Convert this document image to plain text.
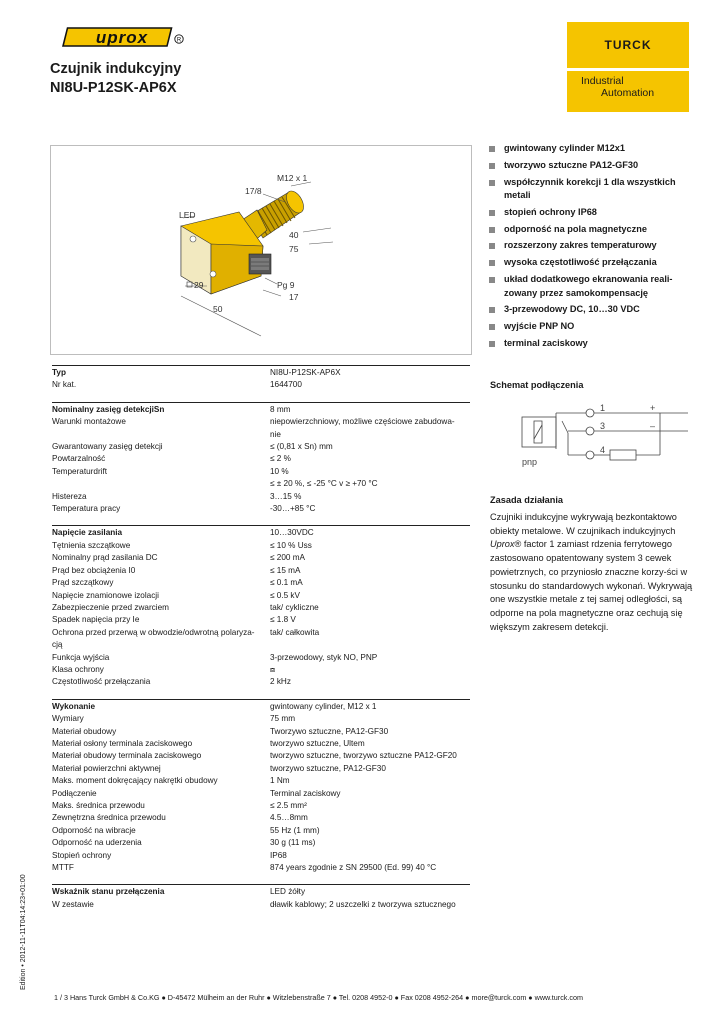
uprox	R
Czujnik indukcyjny
NI8U-P12SK-AP6X
TURCK
Industrial
Automation
M12 x 1
17/8
LED
40
75
29	Pg 9
17
50
gwintowany cylinder M12x1
tworzywo sztuczne PA12-GF30
współczynnik korekcji 1 dla wszystkich metali
stopień ochrony IP68
odporność na pola magnetyczne
rozszerzony zakres temperaturowy
wysoka częstotliwość przełączania
układ dodatkowego ekranowania reali-zowany przez samokompensację
3-przewodowy DC, 10…30 VDC
wyjście PNP NO
terminal zaciskowy
Typ	NI8U-P12SK-AP6X
Nr kat.	1644700
Nominalny zasięg detekcjiSn	8 mm
Warunki montażowe	niepowierzchniowy, możliwe częściowe zabudowa-
nie
Gwarantowany zasięg detekcji	≤ (0,81 x Sn) mm
Powtarzalność	≤ 2 %
Temperaturdrift	10 %
≤ ± 20 %, ≤ -25 °C v ≥ +70 °C
Histereza	3…15 %
Temperatura pracy	-30…+85 °C
Napięcie zasilania	10…30VDC
Tętnienia szczątkowe	≤ 10 % Uss
Nominalny prąd zasilania DC	≤ 200 mA
Prąd bez obciążenia I0	≤ 15 mA
Prąd szczątkowy	≤ 0.1 mA
Napięcie znamionowe izolacji	≤ 0.5 kV
Zabezpieczenie przed zwarciem	tak/ cykliczne
Spadek napięcia przy Ie	≤ 1.8 V
Ochrona przed przerwą w obwodzie/odwrotną polaryza-	tak/ całkowita
cją
Funkcja wyjścia	3-przewodowy, styk NO, PNP
Klasa ochrony	⧈
Częstotliwość przełączania	2 kHz
Wykonanie	gwintowany cylinder, M12 x 1
Wymiary	75 mm
Materiał obudowy	Tworzywo sztuczne, PA12-GF30
Materiał osłony terminala zaciskowego	tworzywo sztuczne, Ultem
Materiał obudowy terminala zaciskowego	tworzywo sztuczne, tworzywo sztuczne PA12-GF20
Materiał powierzchni aktywnej	tworzywo sztuczne, PA12-GF30
Maks. moment dokręcający nakrętki obudowy	1 Nm
Podłączenie	Terminal zaciskowy
Maks. średnica przewodu	≤ 2.5 mm²
Zewnętrzna średnica przewodu	4.5…8mm
Odporność na wibracje	55 Hz (1 mm)
Odporność na uderzenia	30 g (11 ms)
Stopień ochrony	IP68
MTTF	874 years zgodnie z SN 29500 (Ed. 99) 40 °C
Wskaźnik stanu przełączenia	LED żółty
W zestawie	dławik kablowy; 2 uszczelki z tworzywa sztucznego
Schemat podłączenia
1
3
4
+
–
pnp
Zasada działania
Czujniki indukcyjne wykrywają bezkontaktowo obiekty metalowe. W czujnikach indukcyjnych Uprox® factor 1 zamiast rdzenia ferrytowego zastosowano opatentowany system 3 cewek powietrznych, co przyniosło znaczne korzy-ści w stosunku do standardowych wykonań. Wykrywają one wszystkie metale z tej samej odległości, są odporne na pola magnetyczne oraz cechują się większym zakresem detekcji.
Edition • 2012-11-11T04:14:23+01:00
1 / 3 Hans Turck GmbH & Co.KG ● D-45472 Mülheim an der Ruhr ● Witzlebenstraße 7 ● Tel. 0208 4952-0 ● Fax 0208 4952-264 ● more@turck.com ● www.turck.com
